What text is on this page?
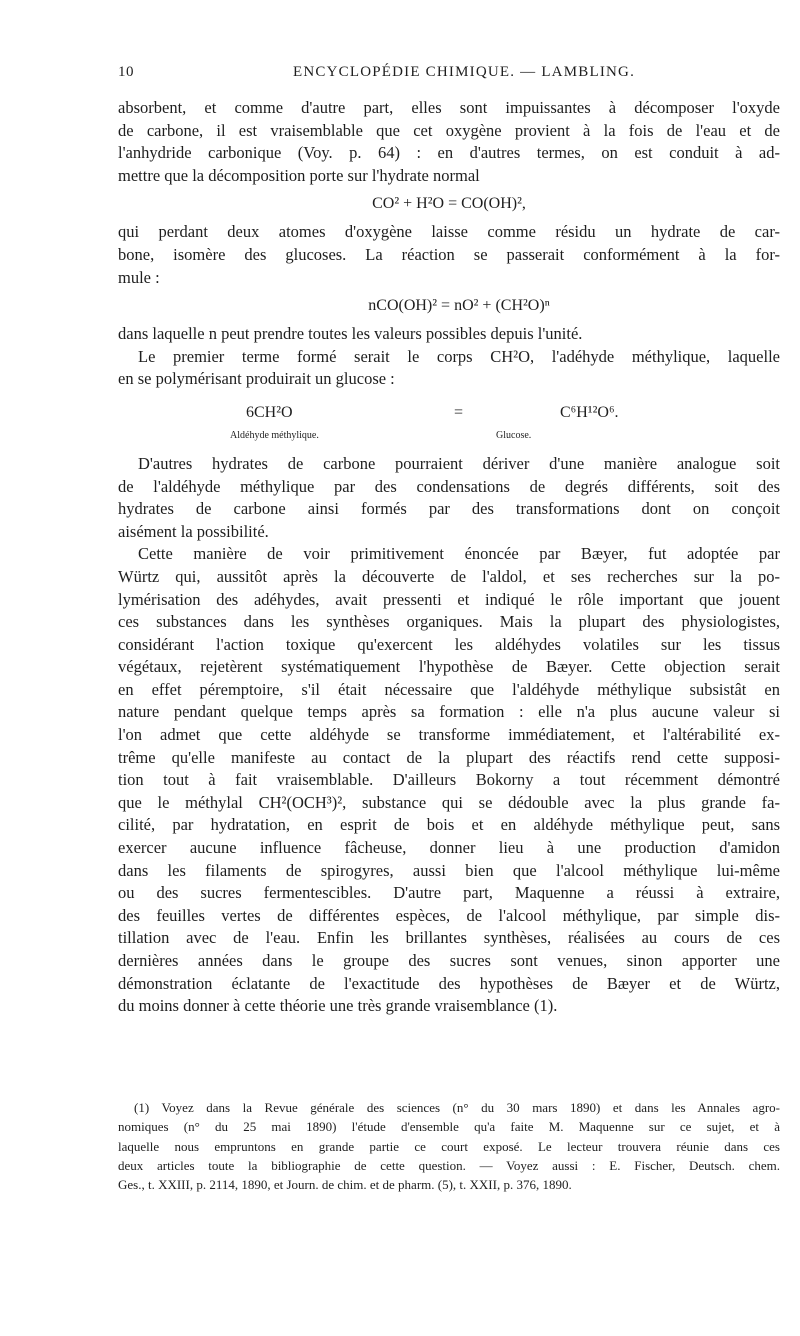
10	ENCYCLOPÉDIE CHIMIQUE. — LAMBLING.
absorbent, et comme d'autre part, elles sont impuissantes à décomposer l'oxyde
de carbone, il est vraisemblable que cet oxygène provient à la fois de l'eau et de
l'anhydride carbonique (Voy. p. 64) : en d'autres termes, on est conduit à ad-
mettre que la décomposition porte sur l'hydrate normal
CO² + H²O = CO(OH)²,
qui perdant deux atomes d'oxygène laisse comme résidu un hydrate de car-
bone, isomère des glucoses. La réaction se passerait conformément à la for-
mule :
nCO(OH)² = nO² + (CH²O)ⁿ
dans laquelle n peut prendre toutes les valeurs possibles depuis l'unité.
Le premier terme formé serait le corps CH²O, l'adéhyde méthylique, laquelle
en se polymérisant produirait un glucose :
6CH²O	=	C⁶H¹²O⁶.
Aldéhyde méthylique.	Glucose.
D'autres hydrates de carbone pourraient dériver d'une manière analogue soit
de l'aldéhyde méthylique par des condensations de degrés différents, soit des
hydrates de carbone ainsi formés par des transformations dont on conçoit
aisément la possibilité.
Cette manière de voir primitivement énoncée par Bæyer, fut adoptée par
Würtz qui, aussitôt après la découverte de l'aldol, et ses recherches sur la po-
lymérisation des adéhydes, avait pressenti et indiqué le rôle important que jouent
ces substances dans les synthèses organiques. Mais la plupart des physiologistes,
considérant l'action toxique qu'exercent les aldéhydes volatiles sur les tissus
végétaux, rejetèrent systématiquement l'hypothèse de Bæyer. Cette objection serait
en effet péremptoire, s'il était nécessaire que l'aldéhyde méthylique subsistât en
nature pendant quelque temps après sa formation : elle n'a plus aucune valeur si
l'on admet que cette aldéhyde se transforme immédiatement, et l'altérabilité ex-
trême qu'elle manifeste au contact de la plupart des réactifs rend cette supposi-
tion tout à fait vraisemblable. D'ailleurs Bokorny a tout récemment démontré
que le méthylal CH²(OCH³)², substance qui se dédouble avec la plus grande fa-
cilité, par hydratation, en esprit de bois et en aldéhyde méthylique peut, sans
exercer aucune influence fâcheuse, donner lieu à une production d'amidon
dans les filaments de spirogyres, aussi bien que l'alcool méthylique lui-même
ou des sucres fermentescibles. D'autre part, Maquenne a réussi à extraire,
des feuilles vertes de différentes espèces, de l'alcool méthylique, par simple dis-
tillation avec de l'eau. Enfin les brillantes synthèses, réalisées au cours de ces
dernières années dans le groupe des sucres sont venues, sinon apporter une
démonstration éclatante de l'exactitude des hypothèses de Bæyer et de Würtz,
du moins donner à cette théorie une très grande vraisemblance (1).
(1) Voyez dans la Revue générale des sciences (n° du 30 mars 1890) et dans les Annales agro-
nomiques (n° du 25 mai 1890) l'étude d'ensemble qu'a faite M. Maquenne sur ce sujet, et à
laquelle nous empruntons en grande partie ce court exposé. Le lecteur trouvera réunie dans ces
deux articles toute la bibliographie de cette question. — Voyez aussi : E. Fischer, Deutsch. chem.
Ges., t. XXIII, p. 2114, 1890, et Journ. de chim. et de pharm. (5), t. XXII, p. 376, 1890.
